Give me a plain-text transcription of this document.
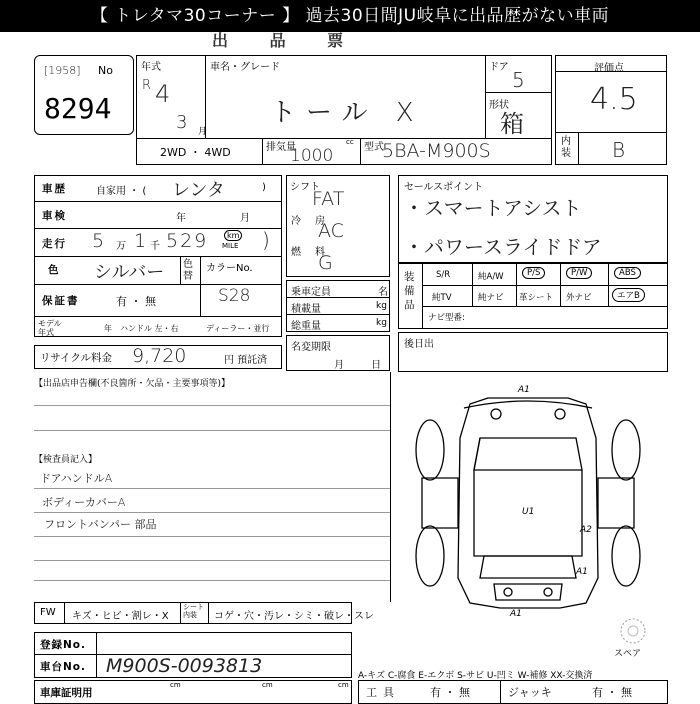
【 トレタマ30コーナー 】 過去30日間JU岐阜に出品歴がない車両
出 品 票
[1958] No
8294
年式
R 4
3 月
車名・グレード
トール X
ドア
5
形状
箱
2WD ・ 4WD	排気量	cc
1000	型式
5BA-M900S
評価点
4.5
内装 B
車歴	自家用 ・ ( レンタ	)
車検	年	月
走行 5 万 1 千 529	km
MILE )
色 シルバー 色替
カラーNo.
S28
保証書	有 ・ 無
モデル年式	年 ハンドル 左・右	ディーラー・並行
リサイクル料金 9,720	円 預託済
シフト
FAT
冷房
AC
燃料
G
乗車定員	名
積載量	kg
総重量	kg
名変期限
月 日
セールスポイント
・スマートアシスト
・パワースライドドア
装備品
S/R	純A/W	P/S	P/W	ABS
純TV	純ナビ 革シート 外ナビ	エアB
ナビ型番:
後日出
【出品店申告欄(不良箇所・欠品・主要事項等)】
【検査員記入】
ドアハンドルA
ボディーカバーA
フロントバンパー 部品
A1
U1
A2
A1
A1
スペア
FW キズ・ヒビ・割レ・X
シート内装	コゲ・穴・汚レ・シミ・破レ・スレ
登録No.
車台No. M900S-0093813	A-キズ C-腐食 E-エクボ S-サビ U-凹ミ W-補修 XX-交換済
車庫証明用
cm	cm	cm
工具	有 ・ 無	ジャッキ	有 ・ 無
